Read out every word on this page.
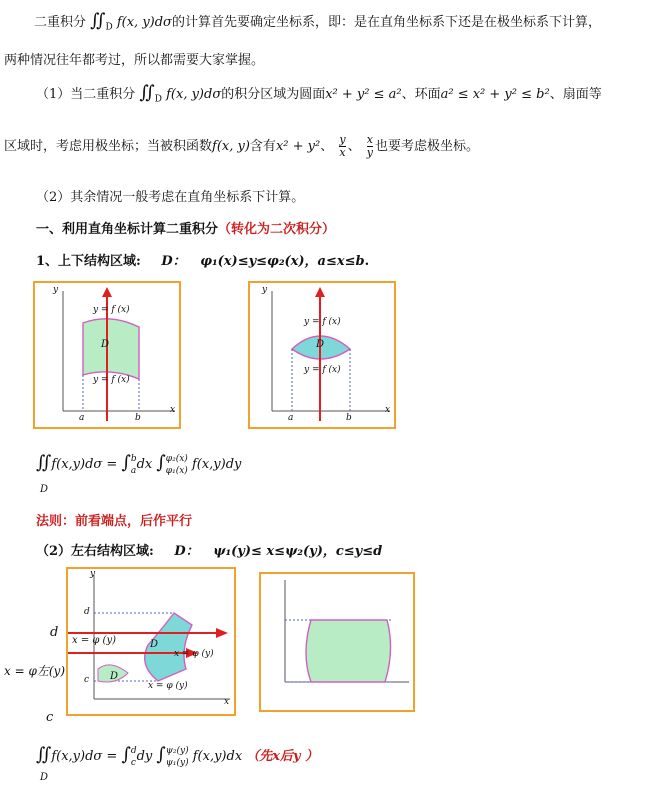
二重积分 $∬_D$ f(x, y)dσ的计算首先要确定坐标系，即：是在直角坐标系下还是在极坐标系下计算，
两种情况往年都考过，所以都需要大家掌握。
（1）当二重积分 $∬_D$ f(x, y)dσ的积分区域为圆面x² + y² ≤ a²、环面a² ≤ x² + y² ≤ b²、扇面等
区域时，考虑用极坐标；当被积函数f(x, y)含有x² + y²、 $\frac{y}{x}$ 、 $\frac{x}{y}$ 也要考虑极坐标。
（2）其余情况一般考虑在直角坐标系下计算。
一、利用直角坐标计算二重积分（转化为二次积分）
1、上下结构区域: D： φ₁(x)≤y≤φ₂(x)，a≤x≤b.
y
x
y = f (x)
y = f (x)
D
a	b
y
x
y = f (x)
y = f (x)
D
a	b
∬f(x,y)dσ = ∫ b
a dx ∫ φ₂(x)
φ₁(x) f(x,y)dy
D
法则：前看端点，后作平行
（2）左右结构区域: D： ψ₁(y)≤ x≤ψ₂(y)，c≤y≤d
y
x
d
c
x = φ (y)
x = φ (y)
x = φ (y)
D
D
d
c
x = φ左(y)
∬f(x,y)dσ = ∫ d
c dy ∫ ψ₂(y)
ψ₁(y) f(x,y)dx （先x后y ）
D
